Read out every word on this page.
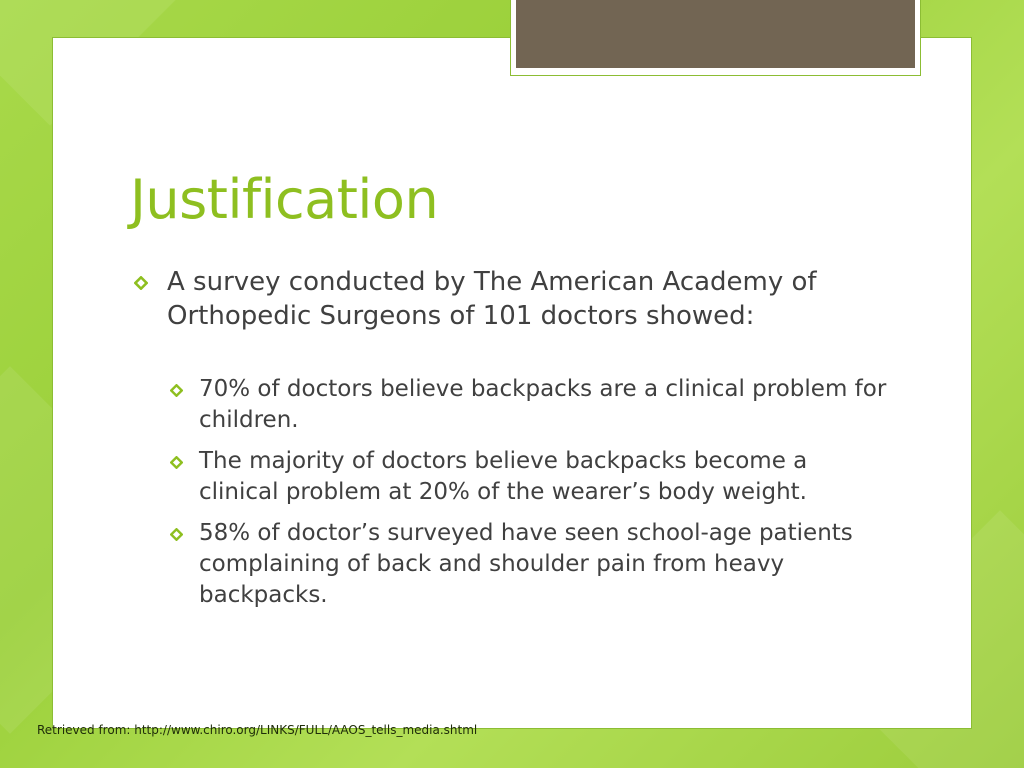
Justification
A survey conducted by The American Academy of Orthopedic Surgeons of 101 doctors showed:
70% of doctors believe backpacks are a clinical problem for children.
The majority of doctors believe backpacks become a clinical problem at 20% of the wearer’s body weight.
58% of doctor’s surveyed have seen school-age patients complaining of back and shoulder pain from heavy backpacks.
Retrieved from: http://www.chiro.org/LINKS/FULL/AAOS_tells_media.shtml
